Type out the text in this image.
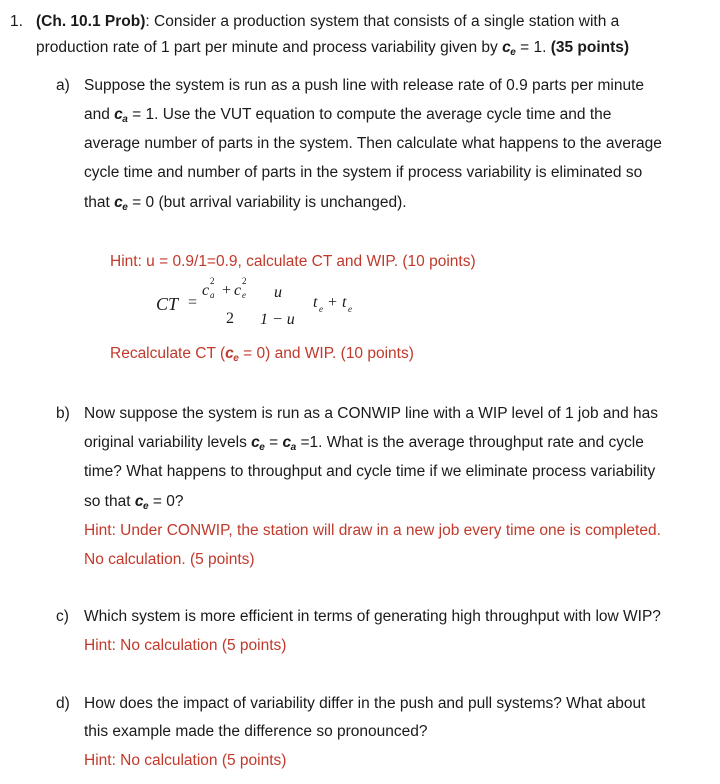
1. (Ch. 10.1 Prob): Consider a production system that consists of a single station with a
production rate of 1 part per minute and process variability given by ce = 1. (35 points)
a) Suppose the system is run as a push line with release rate of 0.9 parts per minute
and ca = 1. Use the VUT equation to compute the average cycle time and the
average number of parts in the system. Then calculate what happens to the average
cycle time and number of parts in the system if process variability is eliminated so
that ce = 0 (but arrival variability is unchanged).
Hint: u = 0.9/1=0.9, calculate CT and WIP. (10 points)
CT =
c
2
a + c
2
e
2
u
1 − u
t e + t e
Recalculate CT (ce = 0) and WIP. (10 points)
b) Now suppose the system is run as a CONWIP line with a WIP level of 1 job and has
original variability levels ce = ca =1. What is the average throughput rate and cycle
time? What happens to throughput and cycle time if we eliminate process variability
so that ce = 0?
Hint: Under CONWIP, the station will draw in a new job every time one is completed.
No calculation. (5 points)
c) Which system is more efficient in terms of generating high throughput with low WIP?
Hint: No calculation (5 points)
d) How does the impact of variability differ in the push and pull systems? What about
this example made the difference so pronounced?
Hint: No calculation (5 points)
